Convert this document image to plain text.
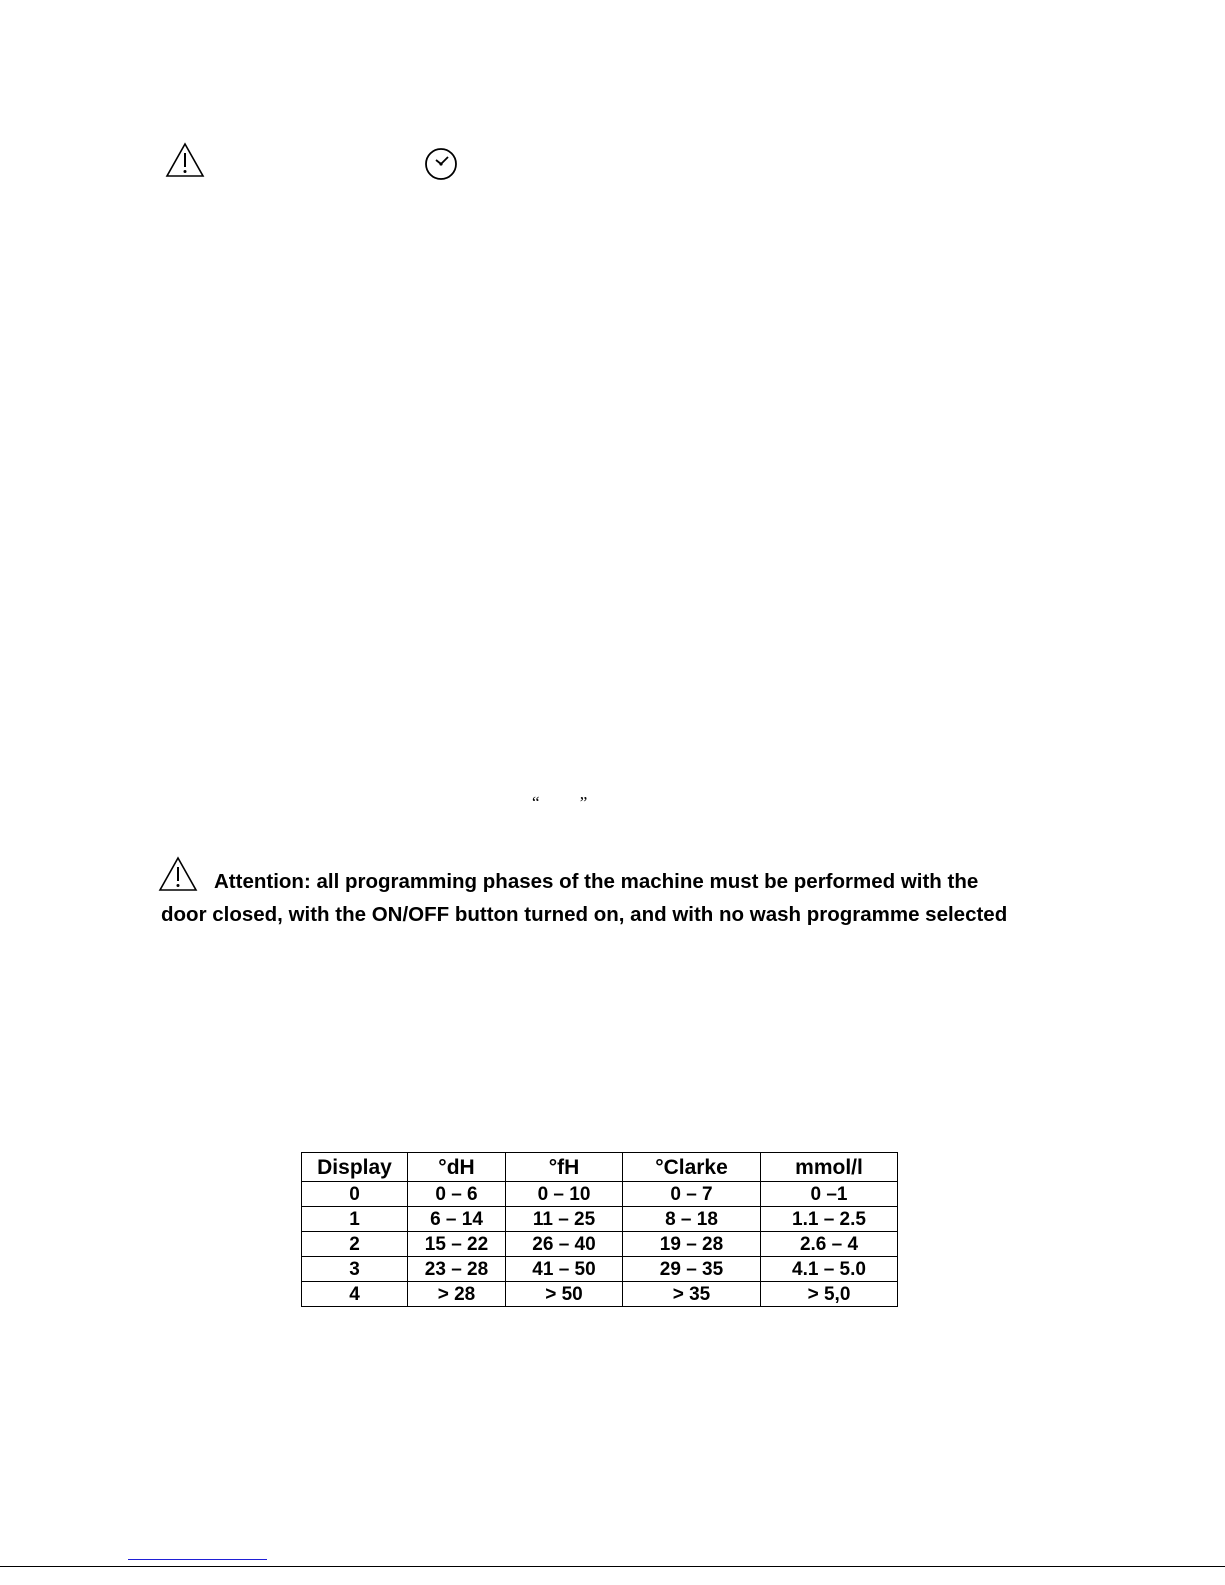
“ ”
Attention: all programming phases of the machine must be performed with the
door closed, with the ON/OFF button turned on, and with no wash programme selected
Display	°dH	°fH	°Clarke	mmol/l
0	0 – 6	0 – 10	0 – 7	0 –1
1	6 – 14	11 – 25	8 – 18	1.1 – 2.5
2	15 – 22	26 – 40	19 – 28	2.6 – 4
3	23 – 28	41 – 50	29 – 35	4.1 – 5.0
4	> 28	> 50	> 35	> 5,0
